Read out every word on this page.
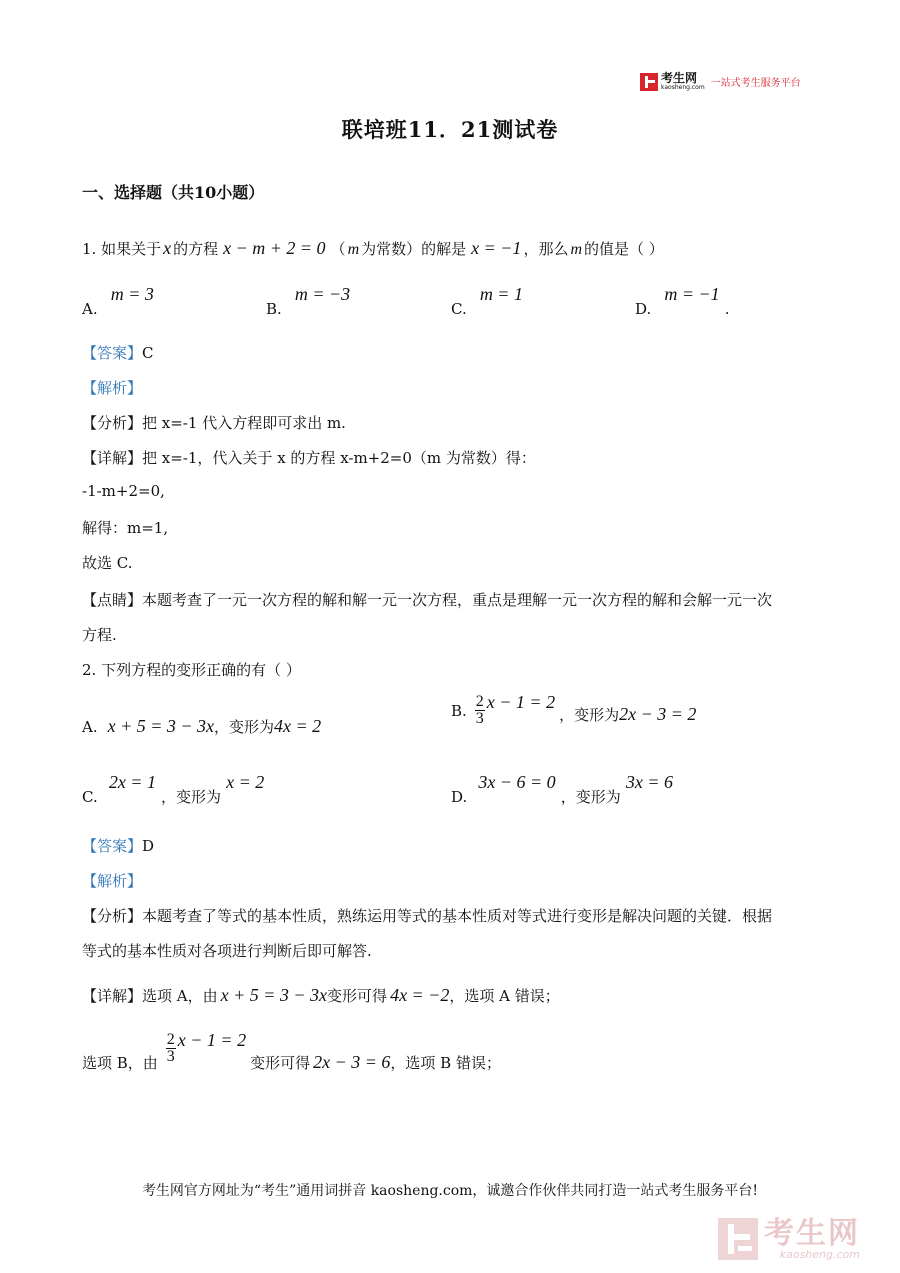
考生网
kaosheng.com 一站式考生服务平台
联培班11．21测试卷
一、选择题（共10小题）
1. 如果关于 x 的方程 x − m + 2 = 0 （ m 为常数）的解是 x = −1 ，那么 m 的值是（ ）
A. m = 3
B. m = −3
C. m = 1
D. m = −1 .
【答案】C
【解析】
【分析】把 x=-1 代入方程即可求出 m.
【详解】把 x=-1，代入关于 x 的方程 x-m+2=0（m 为常数）得：
-1-m+2=0,
解得：m=1,
故选 C.
【点睛】本题考查了一元一次方程的解和解一元一次方程，重点是理解一元一次方程的解和会解一元一次
方程.
2. 下列方程的变形正确的有（ ）
A. x + 5 = 3 − 3x ，变形为 4x = 2
B. $\frac{2}{3}$ x − 1 = 2
，变形为 2x − 3 = 2
C. 2x = 1 ，变形为 x = 2
D. 3x − 6 = 0 ，变形为 3x = 6
【答案】D
【解析】
【分析】本题考查了等式的基本性质，熟练运用等式的基本性质对等式进行变形是解决问题的关键．根据
等式的基本性质对各项进行判断后即可解答.
【详解】 选项 A，由 x + 5 = 3 − 3x 变形可得 4x = −2 ，选项 A 错误；
选项 B，由 $\frac{2}{3}$ x − 1 = 2
变形可得 2x − 3 = 6 ，选项 B 错误；
考生网官方网址为“考生”通用词拼音 kaosheng.com，诚邀合作伙伴共同打造一站式考生服务平台!
考生网
kaosheng.com
